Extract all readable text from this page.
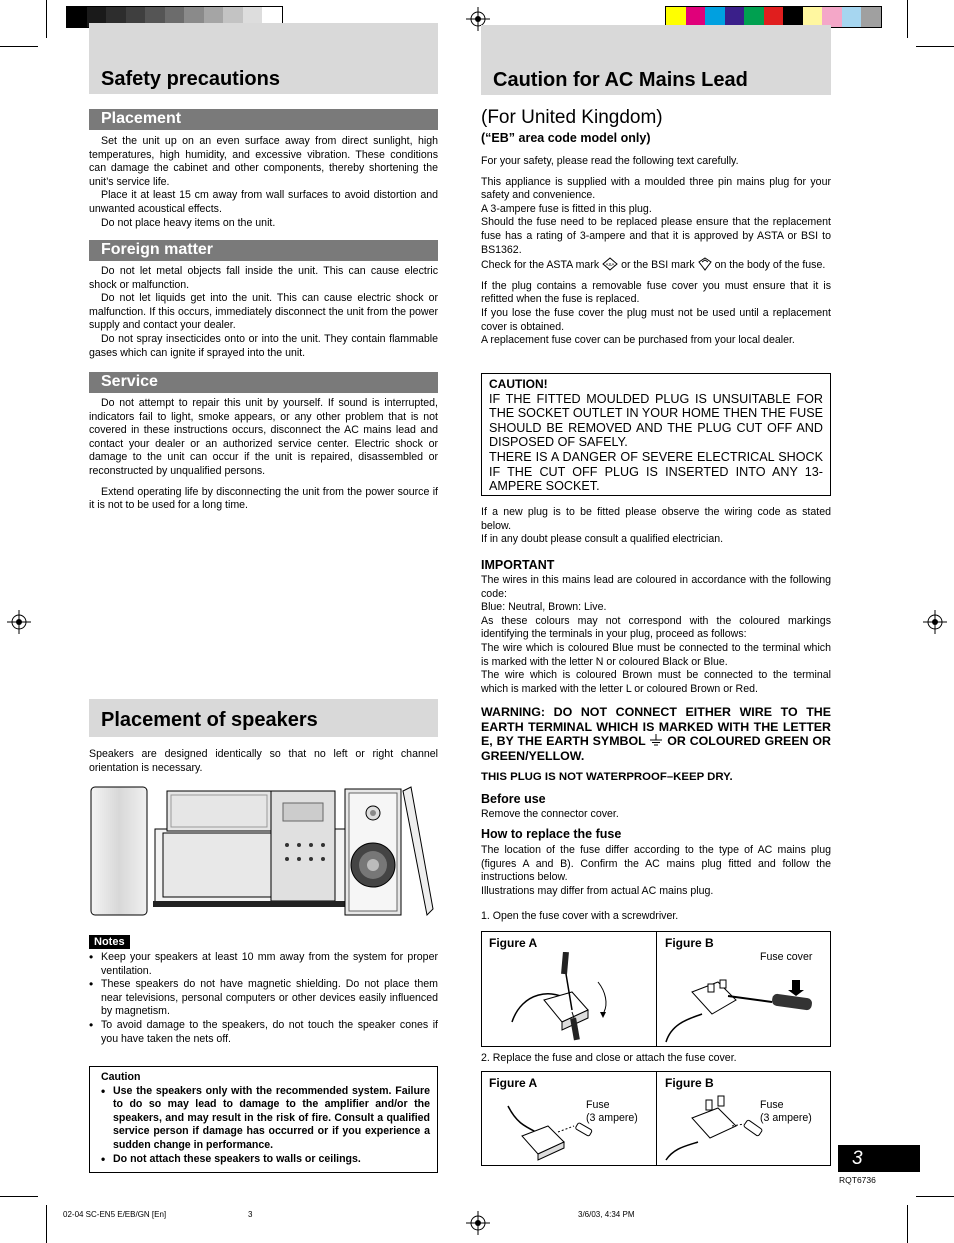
Safety precautions
Placement

Set the unit up on an even surface away from direct sunlight, high temperatures, high humidity, and excessive vibration. These conditions can damage the cabinet and other components, thereby shortening the unit’s service life.

Place it at least 15 cm away from wall surfaces to avoid distortion and unwanted acoustical effects.

Do not place heavy items on the unit.

Foreign matter

Do not let metal objects fall inside the unit. This can cause electric shock or malfunction.

Do not let liquids get into the unit. This can cause electric shock or malfunction. If this occurs, immediately disconnect the unit from the power supply and contact your dealer.

Do not spray insecticides onto or into the unit. They contain flammable gases which can ignite if sprayed into the unit.

Service

Do not attempt to repair this unit by yourself. If sound is interrupted, indicators fail to light, smoke appears, or any other problem that is not covered in these instructions occurs, disconnect the AC mains lead and contact your dealer or an authorized service center. Electric shock or damage to the unit can occur if the unit is repaired, disassembled or reconstructed by unqualified persons.

Extend operating life by disconnecting the unit from the power source if it is not to be used for a long time.

Placement of speakers
Speakers are designed identically so that no left or right channel orientation is necessary.
Notes
• Keep your speakers at least 10 mm away from the system for proper ventilation.
• These speakers do not have magnetic shielding. Do not place them near televisions, personal computers or other devices easily influenced by magnetism.
• To avoid damage to the speakers, do not touch the speaker cones if you have taken the nets off.

Caution

• Use the speakers only with the recommended system. Failure to do so may lead to damage to the amplifier and/or the speakers, and may result in the risk of fire. Consult a qualified service person if damage has occurred or if you experience a sudden change in performance.
• Do not attach these speakers to walls or ceilings.
Caution for AC Mains Lead
(For United Kingdom)
(“EB” area code model only)

For your safety, please read the following text carefully.

This appliance is supplied with a moulded three pin mains plug for your safety and convenience.

A 3-ampere fuse is fitted in this plug.

Should the fuse need to be replaced please ensure that the replacement fuse has a rating of 3-ampere and that it is approved by ASTA or BSI to BS1362.

Check for the ASTA mark ASA or the BSI mark on the body of the fuse.

If the plug contains a removable fuse cover you must ensure that it is refitted when the fuse is replaced.

If you lose the fuse cover the plug must not be used until a replacement cover is obtained.

A replacement fuse cover can be purchased from your local dealer.

CAUTION!
IF THE FITTED MOULDED PLUG IS UNSUITABLE FOR THE SOCKET OUTLET IN YOUR HOME THEN THE FUSE SHOULD BE REMOVED AND THE PLUG CUT OFF AND DISPOSED OF SAFELY.
THERE IS A DANGER OF SEVERE ELECTRICAL SHOCK IF THE CUT OFF PLUG IS INSERTED INTO ANY 13-AMPERE SOCKET.

If a new plug is to be fitted please observe the wiring code as stated below.

If in any doubt please consult a qualified electrician.

IMPORTANT

The wires in this mains lead are coloured in accordance with the following code:

Blue: Neutral, Brown: Live.

As these colours may not correspond with the coloured markings identifying the terminals in your plug, proceed as follows:

The wire which is coloured Blue must be connected to the terminal which is marked with the letter N or coloured Black or Blue.

The wire which is coloured Brown must be connected to the terminal which is marked with the letter L or coloured Brown or Red.

WARNING: DO NOT CONNECT EITHER WIRE TO THE EARTH TERMINAL WHICH IS MARKED WITH THE LETTER E, BY THE EARTH SYMBOL OR COLOURED GREEN OR GREEN/YELLOW.
THIS PLUG IS NOT WATERPROOF–KEEP DRY.
Before use
Remove the connector cover.
How to replace the fuse

The location of the fuse differ according to the type of AC mains plug (figures A and B). Confirm the AC mains plug fitted and follow the instructions below.

Illustrations may differ from actual AC mains plug.

1. Open the fuse cover with a screwdriver.
Figure A	Figure B
Fuse cover
2. Replace the fuse and close or attach the fuse cover.
Figure A	Figure B
Fuse
(3 ampere)
Fuse
(3 ampere)
3
RQT6736
02-04 SC-EN5 E/EB/GN [En]	3	3/6/03, 4:34 PM
